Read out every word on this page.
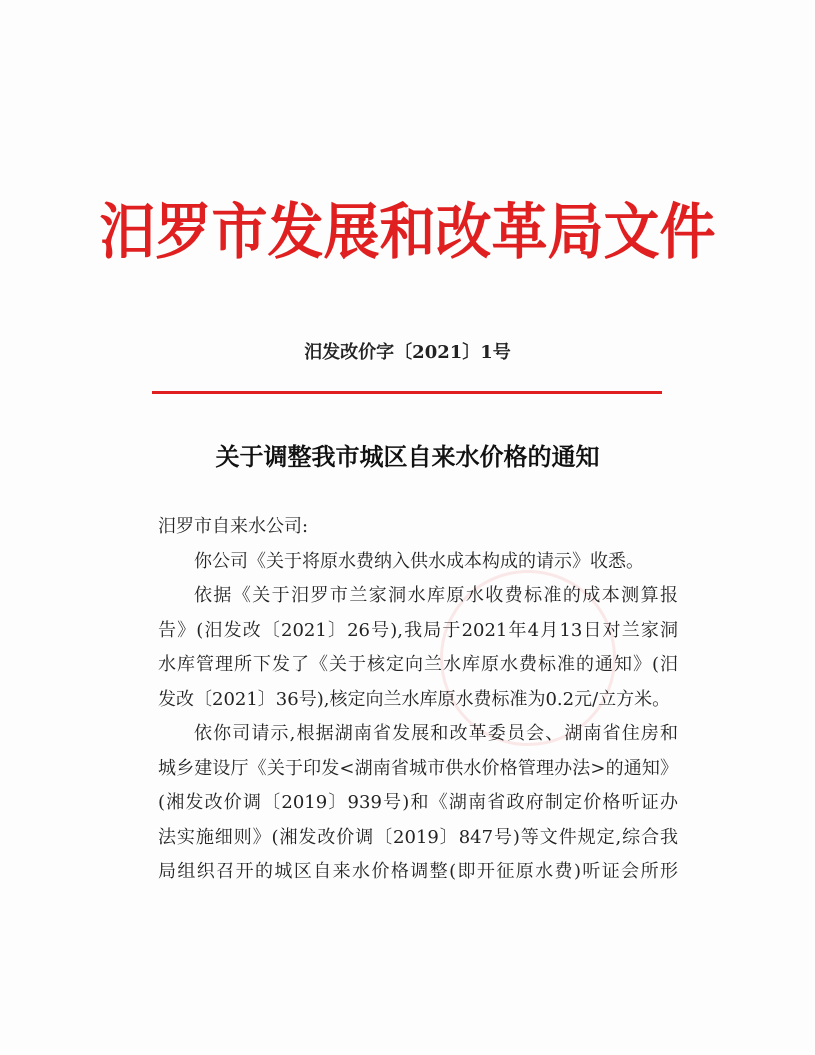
汨罗市发展和改革局文件
汨发改价字〔2021〕1号
关于调整我市城区自来水价格的通知

汨罗市自来水公司:

你公司《关于将原水费纳入供水成本构成的请示》收悉。

依据《关于汨罗市兰家洞水库原水收费标准的成本测算报

告》(汨发改〔2021〕26号),我局于2021年4月13日对兰家洞

水库管理所下发了《关于核定向兰水库原水费标准的通知》(汨

发改〔2021〕36号),核定向兰水库原水费标准为0.2元/立方米。

依你司请示,根据湖南省发展和改革委员会、湖南省住房和

城乡建设厅《关于印发<湖南省城市供水价格管理办法>的通知》

(湘发改价调〔2019〕939号)和《湖南省政府制定价格听证办

法实施细则》(湘发改价调〔2019〕847号)等文件规定,综合我

局组织召开的城区自来水价格调整(即开征原水费)听证会所形
